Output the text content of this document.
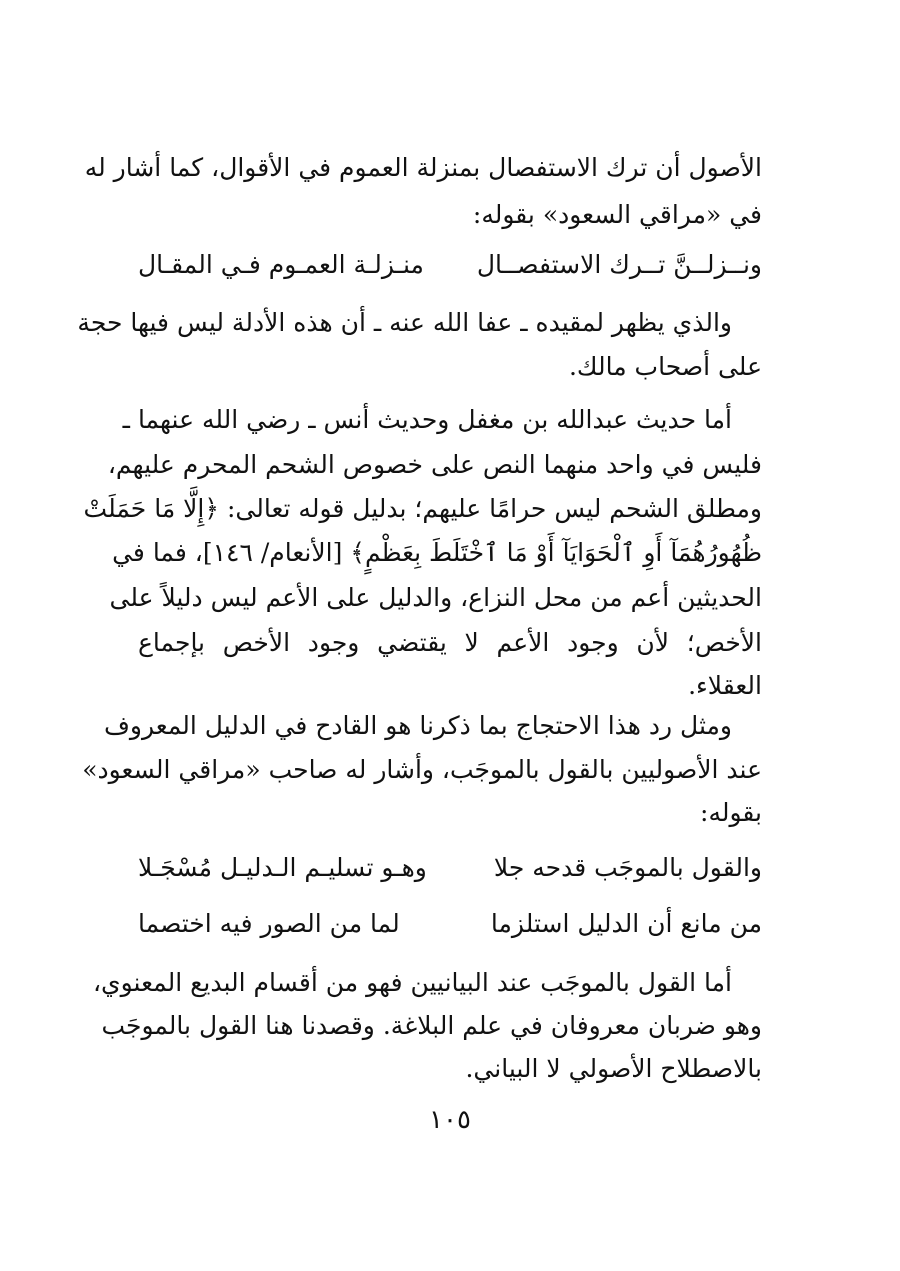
الأصول أن ترك الاستفصال بمنزلة العموم في الأقوال، كما أشار له
في «مراقي السعود» بقوله:
ونــزلــنَّ تــرك الاستفصــال
منـزلـة العمـوم فـي المقـال
والذي يظهر لمقيده ـ عفا الله عنه ـ أن هذه الأدلة ليس فيها حجة
على أصحاب مالك.
أما حديث عبدالله بن مغفل وحديث أنس ـ رضي الله عنهما ـ
فليس في واحد منهما النص على خصوص الشحم المحرم عليهم،
ومطلق الشحم ليس حرامًا عليهم؛ بدليل قوله تعالى: ﴿إِلَّا مَا حَمَلَتْ
ظُهُورُهُمَآ أَوِ ٱلْحَوَايَآ أَوْ مَا ٱخْتَلَطَ بِعَظْمٍ﴾ [الأنعام/ ١٤٦]، فما في
الحديثين أعم من محل النزاع، والدليل على الأعم ليس دليلاً على
الأخص؛ لأن وجود الأعم لا يقتضي وجود الأخص بإجماع
العقلاء.
ومثل رد هذا الاحتجاج بما ذكرنا هو القادح في الدليل المعروف
عند الأصوليين بالقول بالموجَب، وأشار له صاحب «مراقي السعود»
بقوله:
والقول بالموجَب قدحه جلا
وهـو تسليـم الـدليـل مُسْجَـلا
من مانع أن الدليل استلزما
لما من الصور فيه اختصما
أما القول بالموجَب عند البيانيين فهو من أقسام البديع المعنوي،
وهو ضربان معروفان في علم البلاغة. وقصدنا هنا القول بالموجَب
بالاصطلاح الأصولي لا البياني.
١٠٥
